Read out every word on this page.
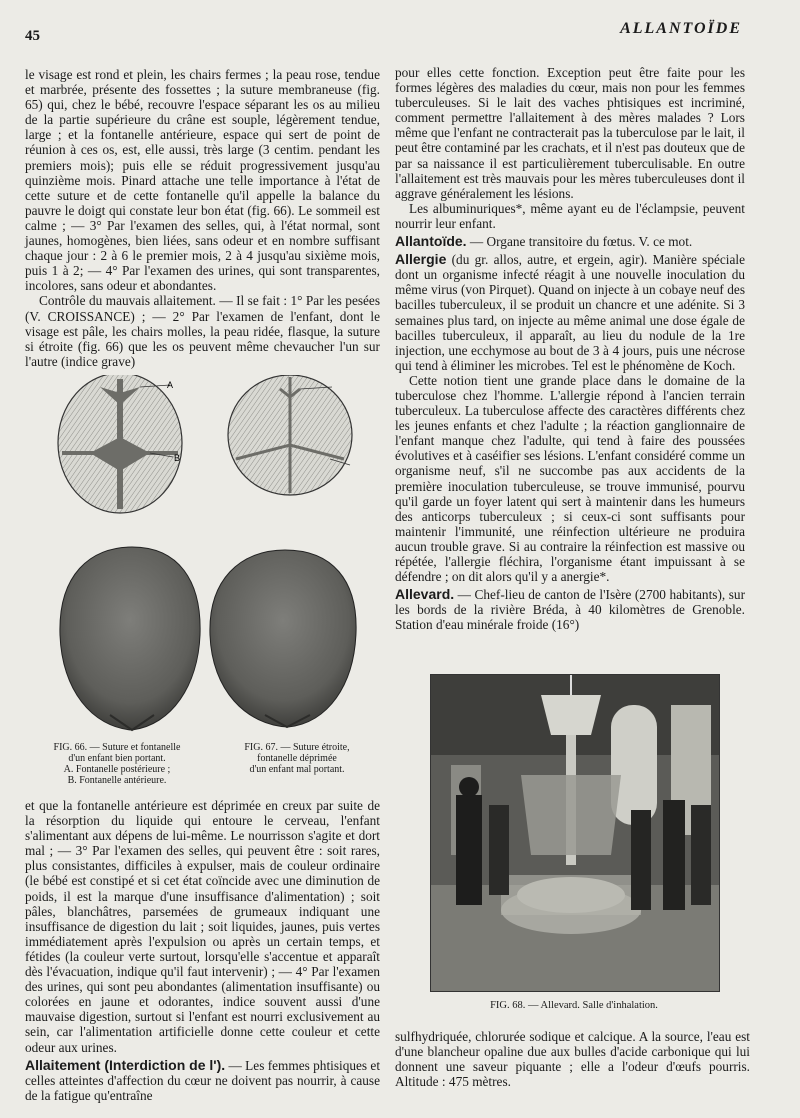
45	ALLANTOÏDE

le visage est rond et plein, les chairs fermes ; la peau rose, tendue et marbrée, présente des fossettes ; la suture membraneuse (fig. 65) qui, chez le bébé, recouvre l'espace séparant les os au milieu de la partie supérieure du crâne est souple, légèrement tendue, large ; et la fontanelle antérieure, espace qui sert de point de réunion à ces os, est, elle aussi, très large (3 centim. pendant les premiers mois); puis elle se réduit progressivement jusqu'au quinzième mois. Pinard attache une telle importance à l'état de cette suture et de cette fontanelle qu'il appelle la balance du pauvre le doigt qui constate leur bon état (fig. 66). Le sommeil est calme ; — 3° Par l'examen des selles, qui, à l'état normal, sont jaunes, homogènes, bien liées, sans odeur et en nombre suffisant chaque jour : 2 à 6 le premier mois, 2 à 4 jusqu'au sixième mois, puis 1 à 2; — 4° Par l'examen des urines, qui sont transparentes, incolores, sans odeur et abondantes.

Contrôle du mauvais allaitement. — Il se fait : 1° Par les pesées (V. CROISSANCE) ; — 2° Par l'examen de l'enfant, dont le visage est pâle, les chairs molles, la peau ridée, flasque, la suture si étroite (fig. 66) que les os peuvent même chevaucher l'un sur l'autre (indice grave)

A
B
FIG. 66. — Suture et fontanelle
d'un enfant bien portant.
A. Fontanelle postérieure ;
B. Fontanelle antérieure.
FIG. 67. — Suture étroite,
fontanelle déprimée
d'un enfant mal portant.

et que la fontanelle antérieure est déprimée en creux par suite de la résorption du liquide qui entoure le cerveau, l'enfant s'alimentant aux dépens de lui-même. Le nourrisson s'agite et dort mal ; — 3° Par l'examen des selles, qui peuvent être : soit rares, plus consistantes, difficiles à expulser, mais de couleur ordinaire (le bébé est constipé et si cet état coïncide avec une diminution de poids, il est la marque d'une insuffisance d'alimentation) ; soit pâles, blanchâtres, parsemées de grumeaux indiquant une insuffisance de digestion du lait ; soit liquides, jaunes, puis vertes immédiatement après l'expulsion ou après un certain temps, et fétides (la couleur verte surtout, lorsqu'elle s'accentue et apparaît dès l'évacuation, indique qu'il faut intervenir) ; — 4° Par l'examen des urines, qui sont peu abondantes (alimentation insuffisante) ou colorées en jaune et odorantes, indice souvent aussi d'une mauvaise digestion, surtout si l'enfant est nourri exclusivement au sein, car l'alimentation artificielle donne cette couleur et cette odeur aux urines.

Allaitement (Interdiction de l'). — Les femmes phtisiques et celles atteintes d'affection du cœur ne doivent pas nourrir, à cause de la fatigue qu'entraîne

pour elles cette fonction. Exception peut être faite pour les formes légères des maladies du cœur, mais non pour les femmes tuberculeuses. Si le lait des vaches phtisiques est incriminé, comment permettre l'allaitement à des mères malades ? Lors même que l'enfant ne contracterait pas la tuberculose par le lait, il peut être contaminé par les crachats, et il n'est pas douteux que de par sa naissance il est particulièrement tuberculisable. En outre l'allaitement est très mauvais pour les mères tuberculeuses dont il aggrave généralement les lésions.

Les albuminuriques*, même ayant eu de l'éclampsie, peuvent nourrir leur enfant.

Allantoïde. — Organe transitoire du fœtus. V. ce mot.

Allergie (du gr. allos, autre, et ergein, agir). Manière spéciale dont un organisme infecté réagit à une nouvelle inoculation du même virus (von Pirquet). Quand on injecte à un cobaye neuf des bacilles tuberculeux, il se produit un chancre et une adénite. Si 3 semaines plus tard, on injecte au même animal une dose égale de bacilles tuberculeux, il apparaît, au lieu du nodule de la 1re injection, une ecchymose au bout de 3 à 4 jours, puis une nécrose qui tend à éliminer les microbes. Tel est le phénomène de Koch.

Cette notion tient une grande place dans le domaine de la tuberculose chez l'homme. L'allergie répond à l'ancien terrain tuberculeux. La tuberculose affecte des caractères différents chez les jeunes enfants et chez l'adulte ; la réaction ganglionnaire de l'enfant manque chez l'adulte, qui tend à faire des poussées évolutives et à caséifier ses lésions. L'enfant considéré comme un organisme neuf, s'il ne succombe pas aux accidents de la première inoculation tuberculeuse, se trouve immunisé, pourvu qu'il garde un foyer latent qui sert à maintenir dans les humeurs des anticorps tuberculeux ; si ceux-ci sont suffisants pour maintenir l'immunité, une réinfection ultérieure ne produira aucun trouble grave. Si au contraire la réinfection est massive ou répétée, l'allergie fléchira, l'organisme étant impuissant à se défendre ; on dit alors qu'il y a anergie*.

Allevard. — Chef-lieu de canton de l'Isère (2700 habitants), sur les bords de la rivière Bréda, à 40 kilomètres de Grenoble. Station d'eau minérale froide (16°)

FIG. 68. — Allevard. Salle d'inhalation.

sulfhydriquée, chlorurée sodique et calcique. A la source, l'eau est d'une blancheur opaline due aux bulles d'acide carbonique qui lui donnent une saveur piquante ; elle a l'odeur d'œufs pourris. Altitude : 475 mètres.
